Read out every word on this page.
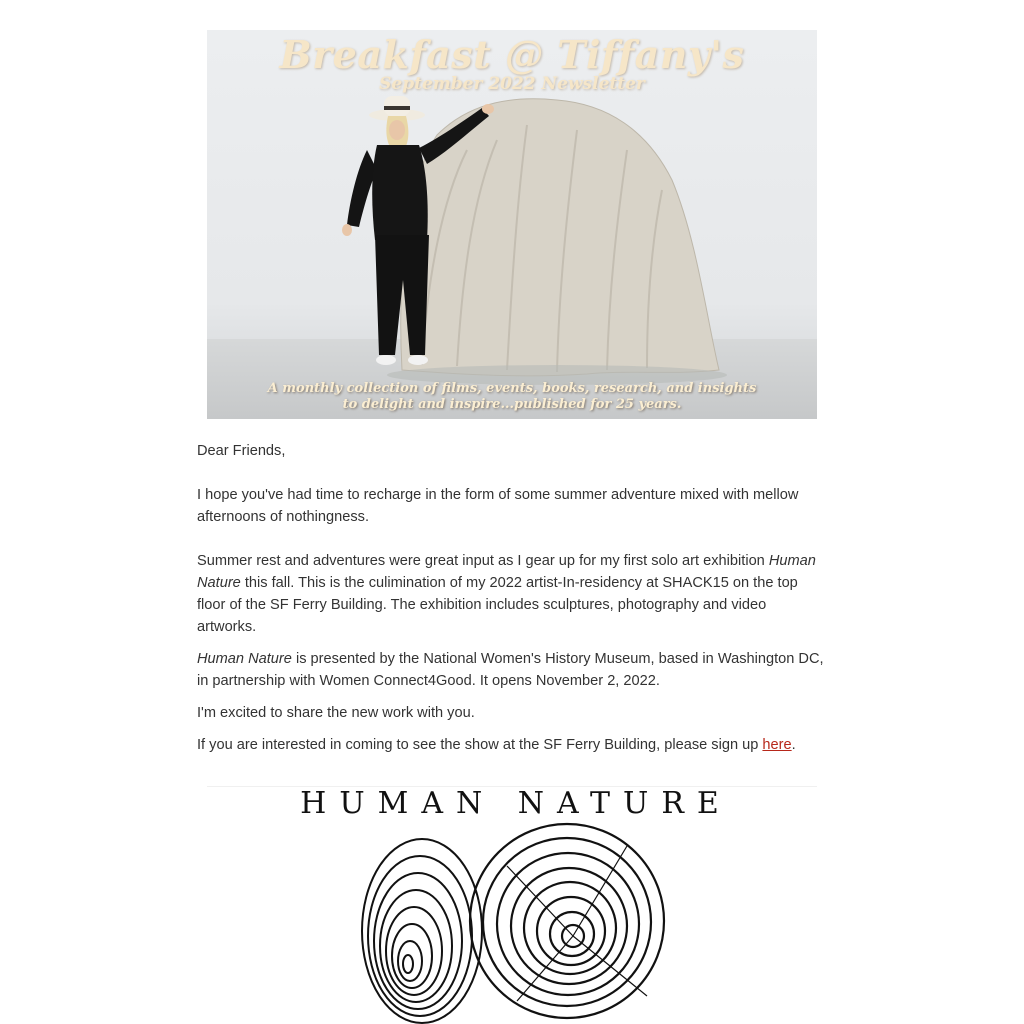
Breakfast @ Tiffany's
September 2022 Newsletter
A monthly collection of films, events, books, research, and insights
to delight and inspire...published for 25 years.

Dear Friends,

I hope you've had time to recharge in the form of some summer adventure mixed with mellow afternoons of nothingness.

Summer rest and adventures were great input as I gear up for my first solo art exhibition Human Nature this fall. This is the culimination of my 2022 artist-In-residency at SHACK15 on the top floor of the SF Ferry Building. The exhibition includes sculptures, photography and video artworks.

Human Nature is presented by the National Women's History Museum, based in Washington DC, in partnership with Women Connect4Good. It opens November 2, 2022.

I'm excited to share the new work with you.

If you are interested in coming to see the show at the SF Ferry Building, please sign up here.

HUMAN NATURE
